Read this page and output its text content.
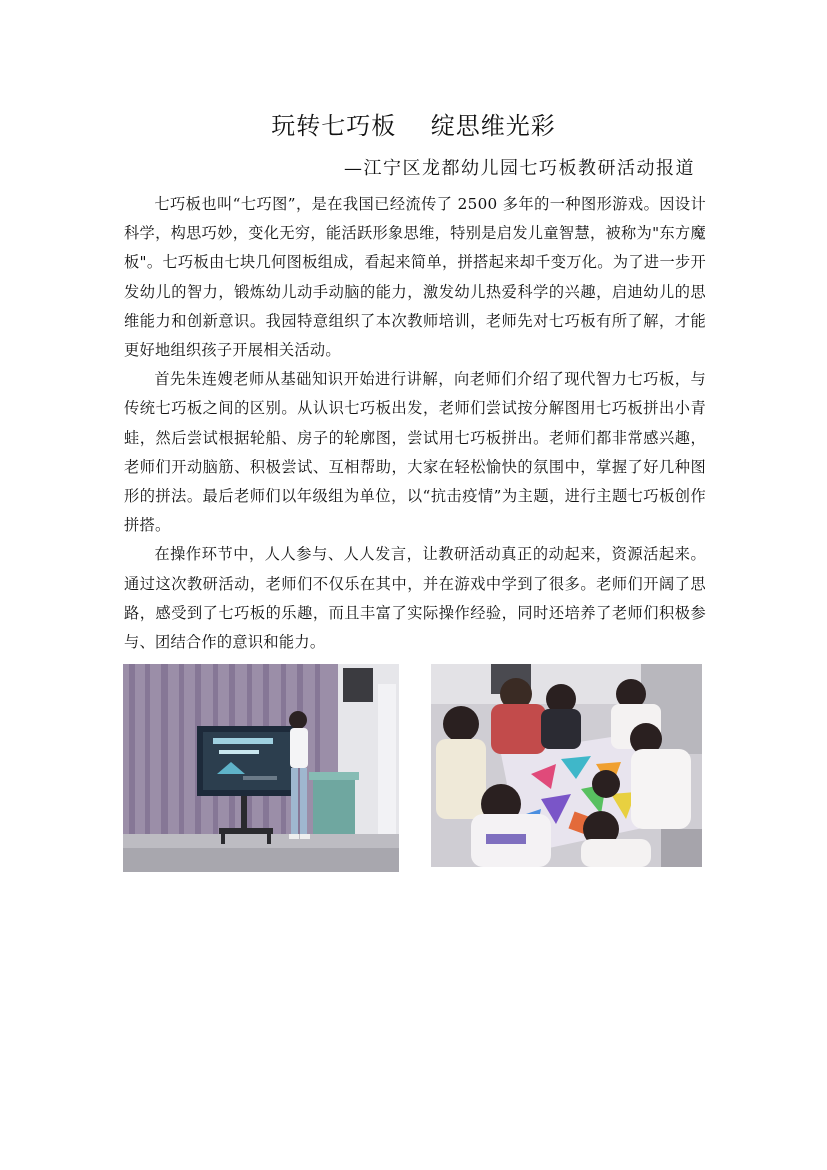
玩转七巧板    绽思维光彩
—江宁区龙都幼儿园七巧板教研活动报道

七巧板也叫“七巧图”，是在我国已经流传了 2500 多年的一种图形游戏。因设计科学，构思巧妙，变化无穷，能活跃形象思维，特别是启发儿童智慧，被称为"东方魔板"。七巧板由七块几何图板组成，看起来简单，拼搭起来却千变万化。为了进一步开发幼儿的智力，锻炼幼儿动手动脑的能力，激发幼儿热爱科学的兴趣，启迪幼儿的思维能力和创新意识。我园特意组织了本次教师培训，老师先对七巧板有所了解，才能更好地组织孩子开展相关活动。

首先朱连嫂老师从基础知识开始进行讲解，向老师们介绍了现代智力七巧板，与传统七巧板之间的区别。从认识七巧板出发，老师们尝试按分解图用七巧板拼出小青蛙，然后尝试根据轮船、房子的轮廓图，尝试用七巧板拼出。老师们都非常感兴趣，老师们开动脑筋、积极尝试、互相帮助，大家在轻松愉快的氛围中，掌握了好几种图形的拼法。最后老师们以年级组为单位，以“抗击疫情”为主题，进行主题七巧板创作拼搭。

在操作环节中，人人参与、人人发言，让教研活动真正的动起来，资源活起来。通过这次教研活动，老师们不仅乐在其中，并在游戏中学到了很多。老师们开阔了思路，感受到了七巧板的乐趣，而且丰富了实际操作经验，同时还培养了老师们积极参与、团结合作的意识和能力。
